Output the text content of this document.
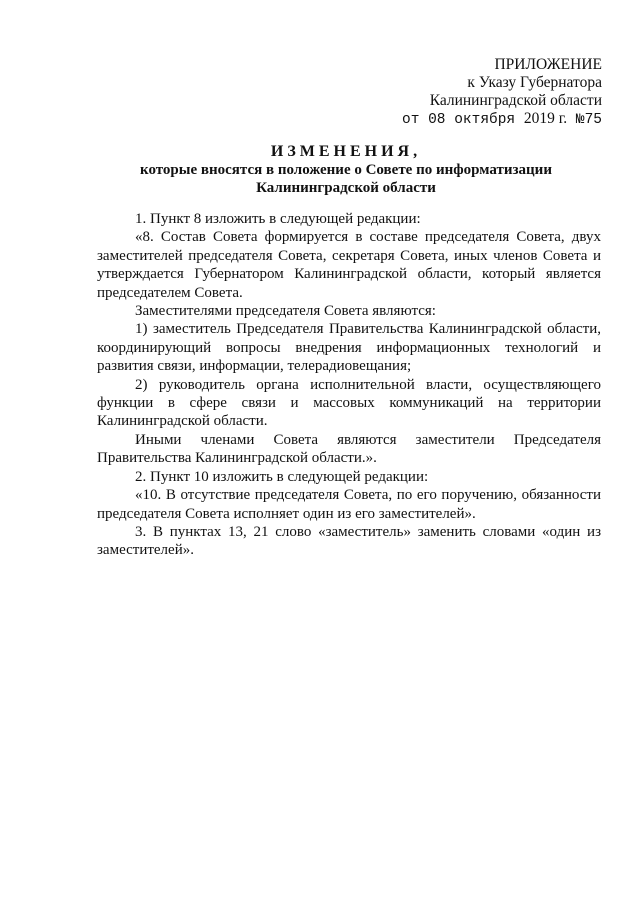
ПРИЛОЖЕНИЕ
к Указу Губернатора
Калининградской области
от 08 октября 2019 г. №75
ИЗМЕНЕНИЯ,
которые вносятся в положение о Совете по информатизации
Калининградской области

1. Пункт 8 изложить в следующей редакции:

«8. Состав Совета формируется в составе председателя Совета, двух заместителей председателя Совета, секретаря Совета, иных членов Совета и утверждается Губернатором Калининградской области, который является председателем Совета.

Заместителями председателя Совета являются:

1) заместитель Председателя Правительства Калининградской области, координирующий вопросы внедрения информационных технологий и развития связи, информации, телерадиовещания;

2) руководитель органа исполнительной власти, осуществляющего функции в сфере связи и массовых коммуникаций на территории Калининградской области.

Иными членами Совета являются заместители Председателя Правительства Калининградской области.».

2. Пункт 10 изложить в следующей редакции:

«10. В отсутствие председателя Совета, по его поручению, обязанности председателя Совета исполняет один из его заместителей».

3. В пунктах 13, 21 слово «заместитель» заменить словами «один из заместителей».
